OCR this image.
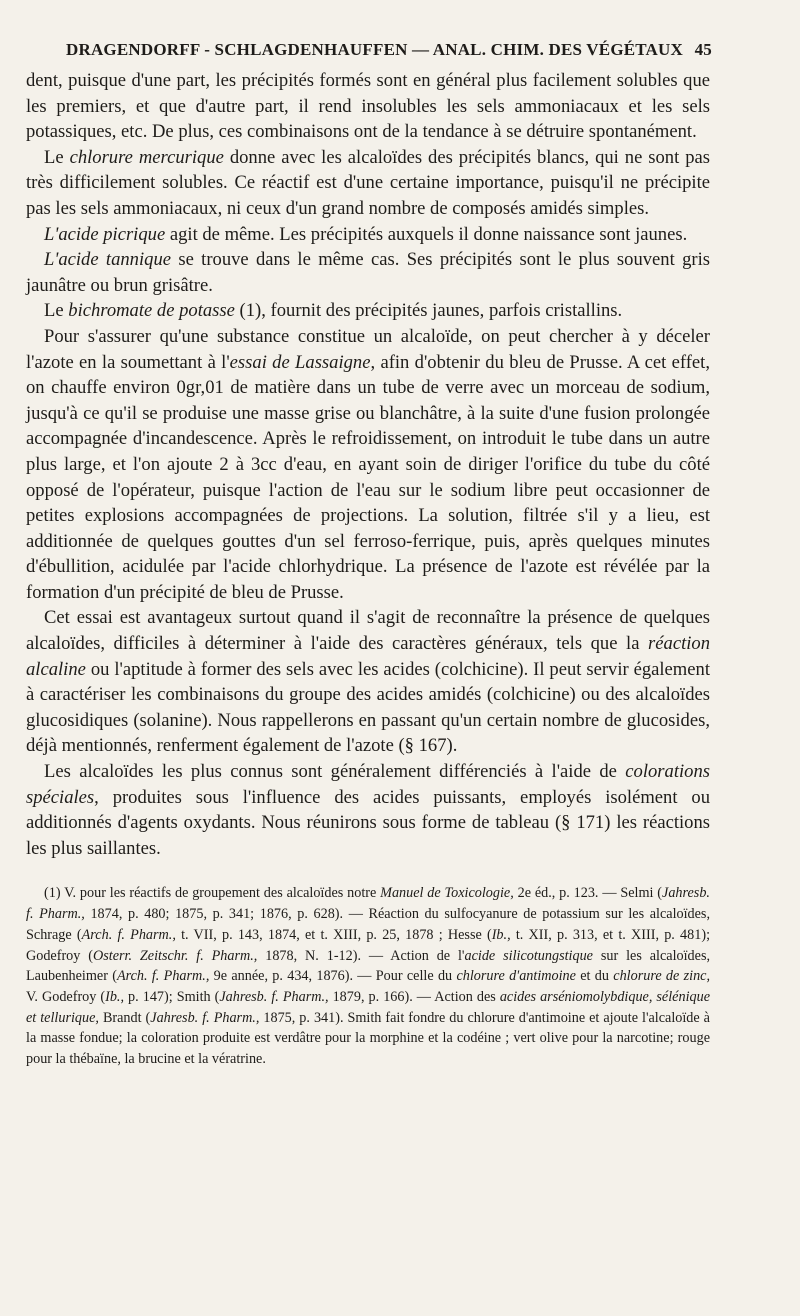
DRAGENDORFF - SCHLAGDENHAUFFEN — ANAL. CHIM. DES VÉGÉTAUX 45

dent, puisque d'une part, les précipités formés sont en général plus facilement solubles que les premiers, et que d'autre part, il rend insolubles les sels ammoniacaux et les sels potassiques, etc. De plus, ces combinaisons ont de la tendance à se détruire spontanément.

Le chlorure mercurique donne avec les alcaloïdes des précipités blancs, qui ne sont pas très difficilement solubles. Ce réactif est d'une certaine importance, puisqu'il ne précipite pas les sels ammoniacaux, ni ceux d'un grand nombre de composés amidés simples.

L'acide picrique agit de même. Les précipités auxquels il donne naissance sont jaunes.

L'acide tannique se trouve dans le même cas. Ses précipités sont le plus souvent gris jaunâtre ou brun grisâtre.

Le bichromate de potasse (1), fournit des précipités jaunes, parfois cristallins.

Pour s'assurer qu'une substance constitue un alcaloïde, on peut chercher à y déceler l'azote en la soumettant à l'essai de Lassaigne, afin d'obtenir du bleu de Prusse. A cet effet, on chauffe environ 0gr,01 de matière dans un tube de verre avec un morceau de sodium, jusqu'à ce qu'il se produise une masse grise ou blanchâtre, à la suite d'une fusion prolongée accompagnée d'incandescence. Après le refroidissement, on introduit le tube dans un autre plus large, et l'on ajoute 2 à 3cc d'eau, en ayant soin de diriger l'orifice du tube du côté opposé de l'opérateur, puisque l'action de l'eau sur le sodium libre peut occasionner de petites explosions accompagnées de projections. La solution, filtrée s'il y a lieu, est additionnée de quelques gouttes d'un sel ferroso-ferrique, puis, après quelques minutes d'ébullition, acidulée par l'acide chlorhydrique. La présence de l'azote est révélée par la formation d'un précipité de bleu de Prusse.

Cet essai est avantageux surtout quand il s'agit de reconnaître la présence de quelques alcaloïdes, difficiles à déterminer à l'aide des caractères généraux, tels que la réaction alcaline ou l'aptitude à former des sels avec les acides (colchicine). Il peut servir également à caractériser les combinaisons du groupe des acides amidés (colchicine) ou des alcaloïdes glucosidiques (solanine). Nous rappellerons en passant qu'un certain nombre de glucosides, déjà mentionnés, renferment également de l'azote (§ 167).

Les alcaloïdes les plus connus sont généralement différenciés à l'aide de colorations spéciales, produites sous l'influence des acides puissants, employés isolément ou additionnés d'agents oxydants. Nous réunirons sous forme de tableau (§ 171) les réactions les plus saillantes.

(1) V. pour les réactifs de groupement des alcaloïdes notre Manuel de Toxicologie, 2e éd., p. 123. — Selmi (Jahresb. f. Pharm., 1874, p. 480; 1875, p. 341; 1876, p. 628). — Réaction du sulfocyanure de potassium sur les alcaloïdes, Schrage (Arch. f. Pharm., t. VII, p. 143, 1874, et t. XIII, p. 25, 1878 ; Hesse (Ib., t. XII, p. 313, et t. XIII, p. 481); Godefroy (Osterr. Zeitschr. f. Pharm., 1878, N. 1-12). — Action de l'acide silicotungstique sur les alcaloïdes, Laubenheimer (Arch. f. Pharm., 9e année, p. 434, 1876). — Pour celle du chlorure d'antimoine et du chlorure de zinc, V. Godefroy (Ib., p. 147); Smith (Jahresb. f. Pharm., 1879, p. 166). — Action des acides arséniomolybdique, sélénique et tellurique, Brandt (Jahresb. f. Pharm., 1875, p. 341). Smith fait fondre du chlorure d'antimoine et ajoute l'alcaloïde à la masse fondue; la coloration produite est verdâtre pour la morphine et la codéine ; vert olive pour la narcotine; rouge pour la thébaïne, la brucine et la vératrine.
